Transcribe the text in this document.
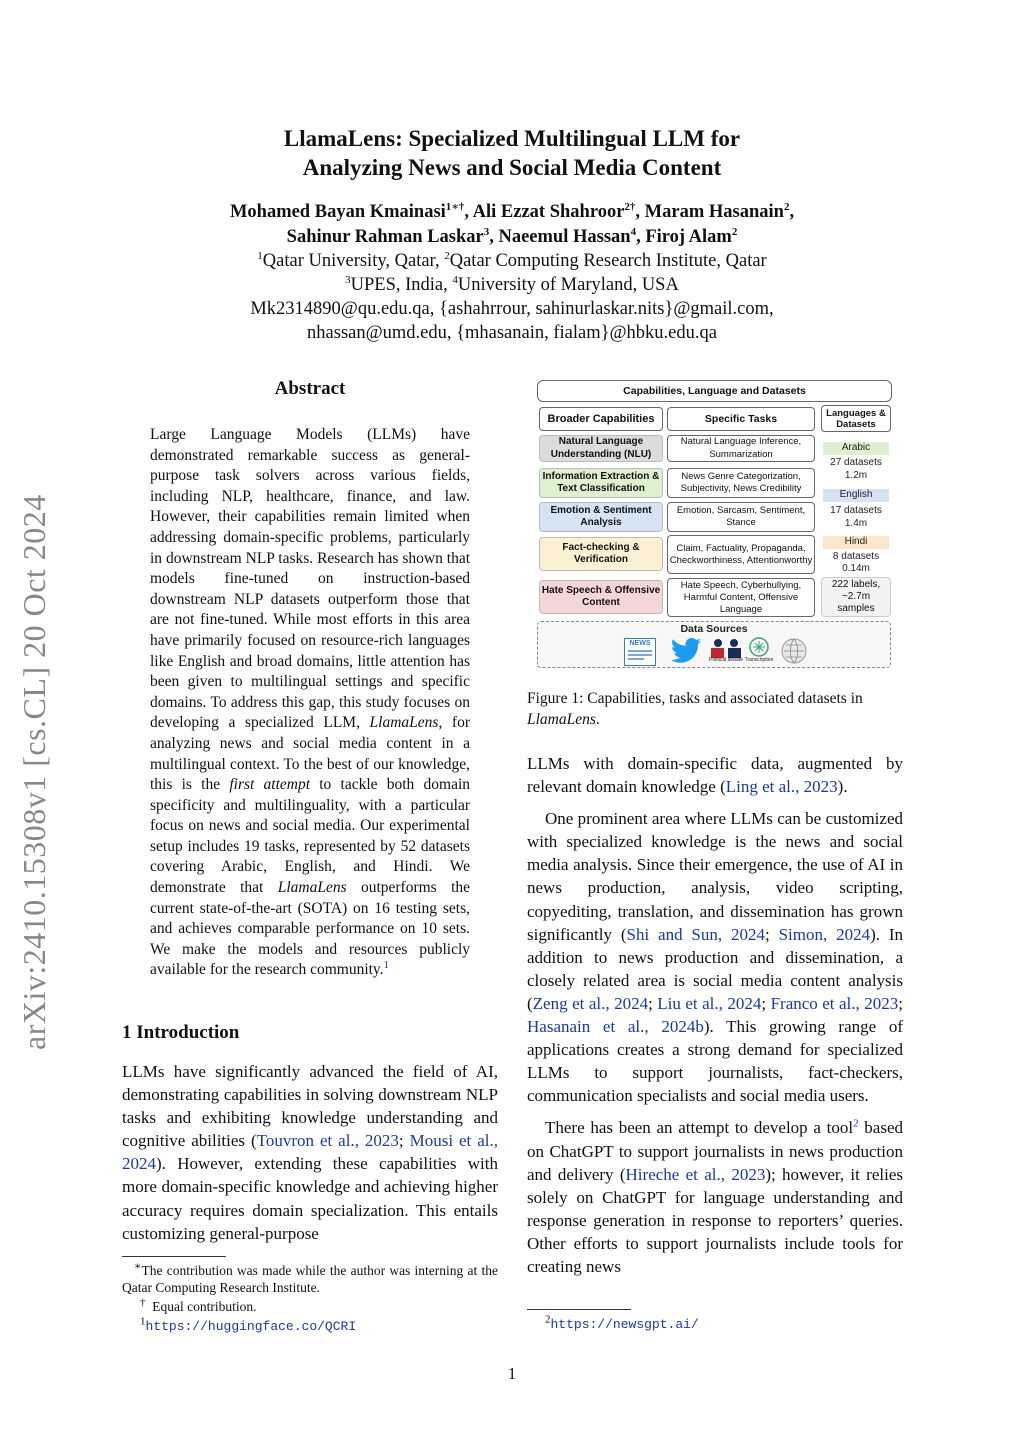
LlamaLens: Specialized Multilingual LLM for
Analyzing News and Social Media Content
Mohamed Bayan Kmainasi$^{1∗\dagger}$, Ali Ezzat Shahroor$^{2\dagger}$, Maram Hasanain$^2$,
Sahinur Rahman Laskar$^3$, Naeemul Hassan$^4$, Firoj Alam$^2$
$^1$Qatar University, Qatar, $^2$Qatar Computing Research Institute, Qatar
$^3$UPES, India, $^4$University of Maryland, USA
Mk2314890@qu.edu.qa, {ashahrrour, sahinurlaskar.nits}@gmail.com,
nhassan@umd.edu, {mhasanain, fialam}@hbku.edu.qa
arXiv:2410.15308v1 [cs.CL] 20 Oct 2024
Abstract
Large Language Models (LLMs) have demonstrated remarkable success as general-purpose task solvers across various fields, including NLP, healthcare, finance, and law. However, their capabilities remain limited when addressing domain-specific problems, particularly in downstream NLP tasks. Research has shown that models fine-tuned on instruction-based downstream NLP datasets outperform those that are not fine-tuned. While most efforts in this area have primarily focused on resource-rich languages like English and broad domains, little attention has been given to multilingual settings and specific domains. To address this gap, this study focuses on developing a specialized LLM, LlamaLens, for analyzing news and social media content in a multilingual context. To the best of our knowledge, this is the first attempt to tackle both domain specificity and multilinguality, with a particular focus on news and social media. Our experimental setup includes 19 tasks, represented by 52 datasets covering Arabic, English, and Hindi. We demonstrate that LlamaLens outperforms the current state-of-the-art (SOTA) on 16 testing sets, and achieves comparable performance on 10 sets. We make the models and resources publicly available for the research community.$^1$
1 Introduction
LLMs have significantly advanced the field of AI, demonstrating capabilities in solving downstream NLP tasks and exhibiting knowledge understanding and cognitive abilities (Touvron et al., 2023; Mousi et al., 2024). However, extending these capabilities with more domain-specific knowledge and achieving higher accuracy requires domain specialization. This entails customizing general-purpose
∗The contribution was made while the author was interning at the Qatar Computing Research Institute.
† Equal contribution.
$^1$https://huggingface.co/QCRI
Capabilities, Language and Datasets
Broader Capabilities	Specific Tasks	Languages & Datasets
Natural Language Understanding (NLU)
Natural Language Inference, Summarization
Information Extraction & Text Classification
News Genre Categorization, Subjectivity, News Credibility
Emotion & Sentiment Analysis
Emotion, Sarcasm, Sentiment, Stance
Fact-checking & Verification
Claim, Factuality, Propaganda, Checkworthiness, Attentionworthy
Hate Speech & Offensive Content
Hate Speech, Cyberbullying, Harmful Content, Offensive Language
Arabic
27 datasets
1.2m
English
17 datasets
1.4m
Hindi
8 datasets
0.14m
222 labels,
~2.7m
samples
Data Sources
NEWS
Political debate Transcription
Figure 1: Capabilities, tasks and associated datasets in LlamaLens.

LLMs with domain-specific data, augmented by relevant domain knowledge (Ling et al., 2023).

One prominent area where LLMs can be customized with specialized knowledge is the news and social media analysis. Since their emergence, the use of AI in news production, analysis, video scripting, copyediting, translation, and dissemination has grown significantly (Shi and Sun, 2024; Simon, 2024). In addition to news production and dissemination, a closely related area is social media content analysis (Zeng et al., 2024; Liu et al., 2024; Franco et al., 2023; Hasanain et al., 2024b). This growing range of applications creates a strong demand for specialized LLMs to support journalists, fact-checkers, communication specialists and social media users.

There has been an attempt to develop a tool$^2$ based on ChatGPT to support journalists in news production and delivery (Hireche et al., 2023); however, it relies solely on ChatGPT for language understanding and response generation in response to reporters’ queries. Other efforts to support journalists include tools for creating news

$^2$https://newsgpt.ai/
1
